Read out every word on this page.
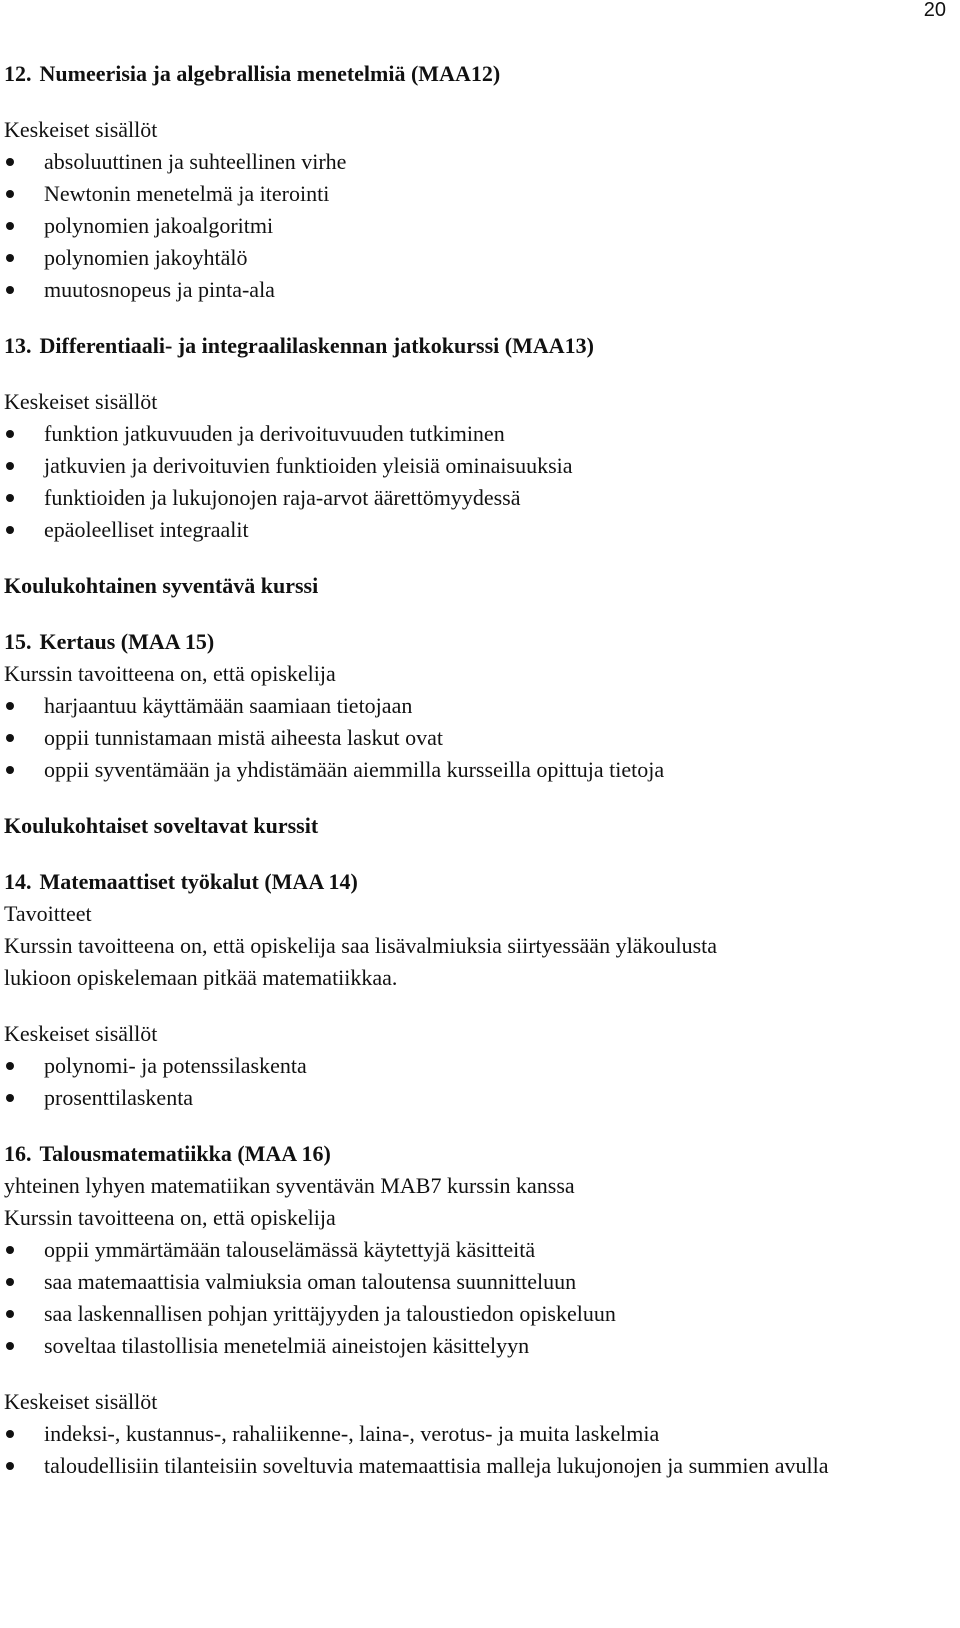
20

12. Numeerisia ja algebrallisia menetelmiä (MAA12)

Keskeiset sisällöt

absoluuttinen ja suhteellinen virhe
Newtonin menetelmä ja iterointi
polynomien jakoalgoritmi
polynomien jakoyhtälö
muutosnopeus ja pinta-ala

13. Differentiaali- ja integraalilaskennan jatkokurssi (MAA13)

Keskeiset sisällöt

funktion jatkuvuuden ja derivoituvuuden tutkiminen
jatkuvien ja derivoituvien funktioiden yleisiä ominaisuuksia
funktioiden ja lukujonojen raja-arvot äärettömyydessä
epäoleelliset integraalit

Koulukohtainen syventävä kurssi

15. Kertaus (MAA 15)

Kurssin tavoitteena on, että opiskelija

harjaantuu käyttämään saamiaan tietojaan
oppii tunnistamaan mistä aiheesta laskut ovat
oppii syventämään ja yhdistämään aiemmilla kursseilla opittuja tietoja

Koulukohtaiset soveltavat kurssit

14. Matemaattiset työkalut (MAA 14)

Tavoitteet

Kurssin tavoitteena on, että opiskelija saa lisävalmiuksia siirtyessään yläkoulusta

lukioon opiskelemaan pitkää matematiikkaa.

Keskeiset sisällöt

polynomi- ja potenssilaskenta
prosenttilaskenta

16. Talousmatematiikka (MAA 16)

yhteinen lyhyen matematiikan syventävän MAB7 kurssin kanssa

Kurssin tavoitteena on, että opiskelija

oppii ymmärtämään talouselämässä käytettyjä käsitteitä
saa matemaattisia valmiuksia oman taloutensa suunnitteluun
saa laskennallisen pohjan yrittäjyyden ja taloustiedon opiskeluun
soveltaa tilastollisia menetelmiä aineistojen käsittelyyn

Keskeiset sisällöt

indeksi-, kustannus-, rahaliikenne-, laina-, verotus- ja muita laskelmia
taloudellisiin tilanteisiin soveltuvia matemaattisia malleja lukujonojen ja summien avulla
